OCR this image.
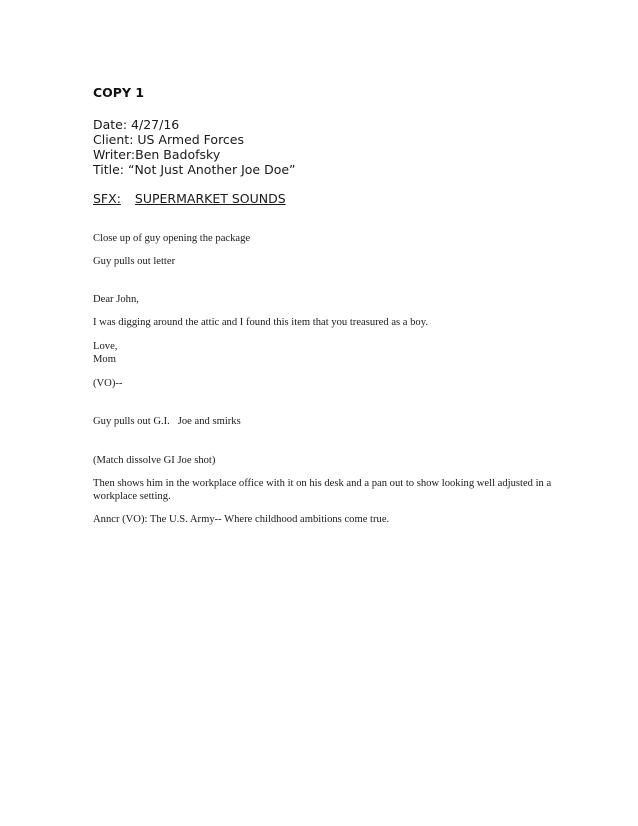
COPY 1

Date: 4/27/16
Client: US Armed Forces
Writer:Ben Badofsky
Title: “Not Just Another Joe Doe”
SFX: SUPERMARKET SOUNDS

Close up of guy opening the package

Guy pulls out letter

Dear John,

I was digging around the attic and I found this item that you treasured as a boy.

Love,
Mom

(VO)--

Guy pulls out G.I.   Joe and smirks

(Match dissolve GI Joe shot)

Then shows him in the workplace office with it on his desk and a pan out to show looking well adjusted in a workplace setting.

Anncr (VO): The U.S. Army-- Where childhood ambitions come true.
